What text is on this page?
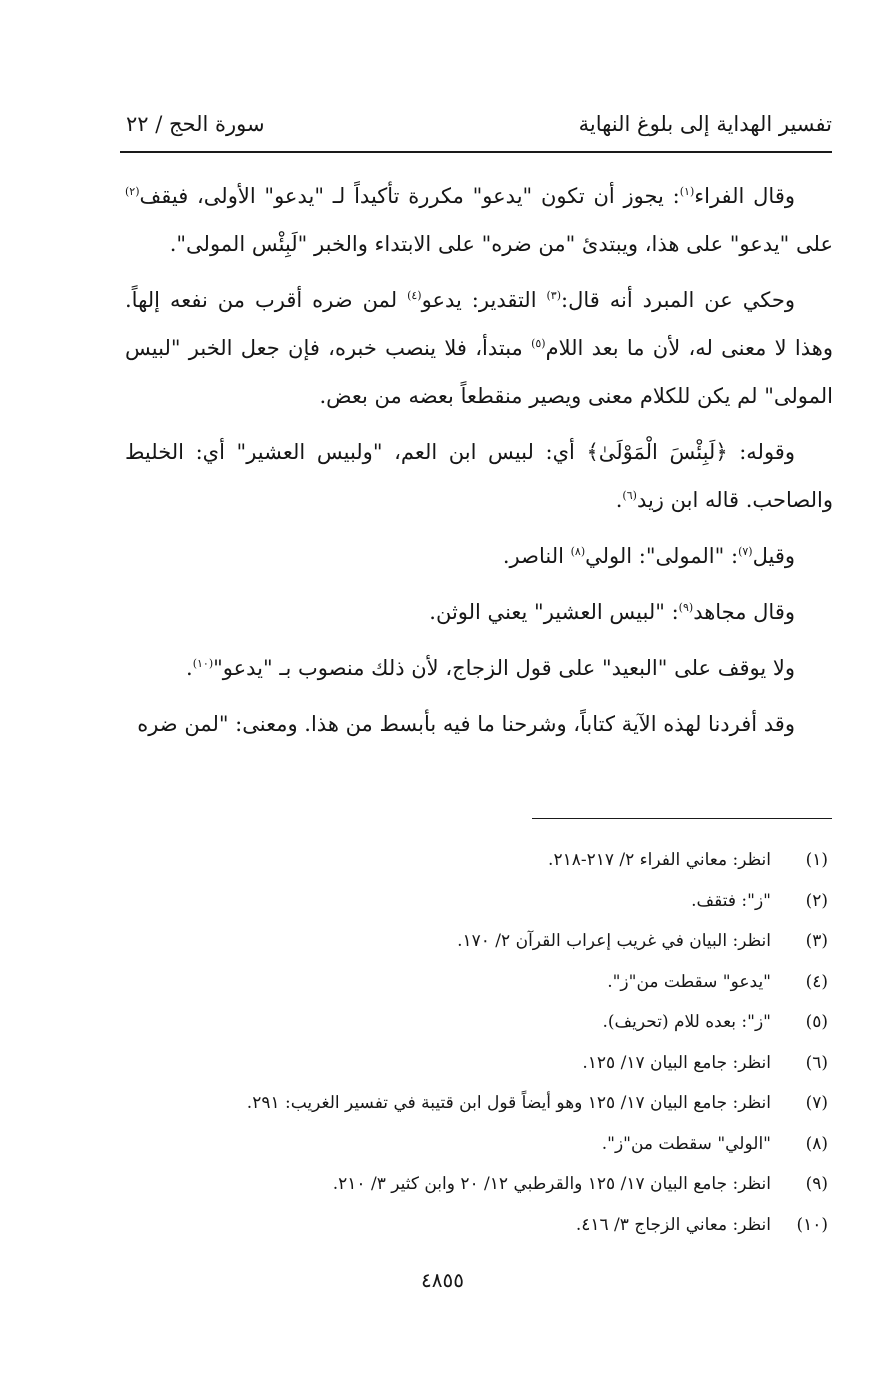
تفسير الهداية إلى بلوغ النهاية
سورة الحج / ٢٢

وقال الفراء$^{(١)}$: يجوز أن تكون "يدعو" مكررة تأكيداً لـ "يدعو" الأولى، فيقف$^{(٢)}$ على "يدعو" على هذا، ويبتدئ "من ضره" على الابتداء والخبر "لَبِئْس المولى".

وحكي عن المبرد أنه قال:$^{(٣)}$ التقدير: يدعو$^{(٤)}$ لمن ضره أقرب من نفعه إلهاً. وهذا لا معنى له، لأن ما بعد اللام$^{(٥)}$ مبتدأ، فلا ينصب خبره، فإن جعل الخبر "لبيس المولى" لم يكن للكلام معنى ويصير منقطعاً بعضه من بعض.

وقوله: ﴿لَبِئْسَ الْمَوْلَىٰ﴾ أي: لبيس ابن العم، "ولبيس العشير" أي: الخليط والصاحب. قاله ابن زيد$^{(٦)}$.

وقيل$^{(٧)}$: "المولى": الولي$^{(٨)}$ الناصر.

وقال مجاهد$^{(٩)}$: "لبيس العشير" يعني الوثن.

ولا يوقف على "البعيد" على قول الزجاج، لأن ذلك منصوب بـ "يدعو"$^{(١٠)}$.

وقد أفردنا لهذه الآية كتاباً، وشرحنا ما فيه بأبسط من هذا. ومعنى: "لمن ضره

(١)
انظر: معاني الفراء ٢/ ٢١٧-٢١٨.
(٢)
"ز": فتقف.
(٣)
انظر: البيان في غريب إعراب القرآن ٢/ ١٧٠.
(٤)
"يدعو" سقطت من"ز".
(٥)
"ز": بعده للام (تحريف).
(٦)
انظر: جامع البيان ١٧/ ١٢٥.
(٧)
انظر: جامع البيان ١٧/ ١٢٥ وهو أيضاً قول ابن قتيبة في تفسير الغريب: ٢٩١.
(٨)
"الولي" سقطت من"ز".
(٩)
انظر: جامع البيان ١٧/ ١٢٥ والقرطبي ١٢/ ٢٠ وابن كثير ٣/ ٢١٠.
(١٠)
انظر: معاني الزجاج ٣/ ٤١٦.
٤٨٥٥
